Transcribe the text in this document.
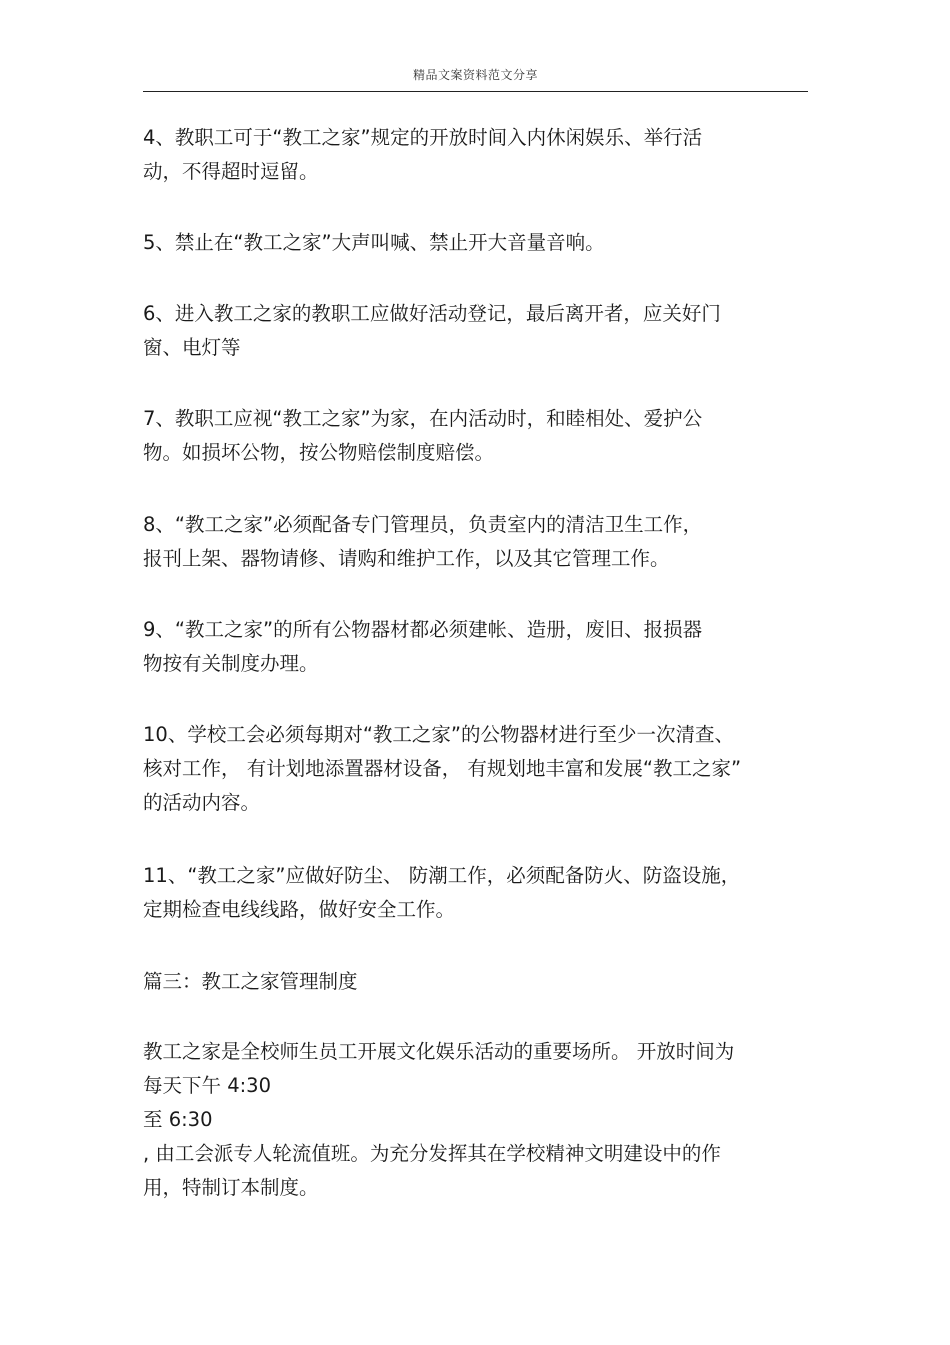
精品文案资料范文分享
4、教职工可于“教工之家”规定的开放时间入内休闲娱乐、举行活
动，不得超时逗留。
5、禁止在“教工之家”大声叫喊、禁止开大音量音响。
6、进入教工之家的教职工应做好活动登记，最后离开者，应关好门
窗、电灯等
7、教职工应视“教工之家”为家，在内活动时，和睦相处、爱护公
物。如损坏公物，按公物赔偿制度赔偿。
8、“教工之家”必须配备专门管理员，负责室内的清洁卫生工作，
报刊上架、器物请修、请购和维护工作，以及其它管理工作。
9、“教工之家”的所有公物器材都必须建帐、造册，废旧、报损器
物按有关制度办理。
10、学校工会必须每期对“教工之家”的公物器材进行至少一次清查、
核对工作， 有计划地添置器材设备， 有规划地丰富和发展“教工之家”
的活动内容。
11、“教工之家”应做好防尘、 防潮工作，必须配备防火、防盗设施，
定期检查电线线路，做好安全工作。
篇三：教工之家管理制度
教工之家是全校师生员工开展文化娱乐活动的重要场所。 开放时间为
每天下午 4:30
至 6:30
, 由工会派专人轮流值班。为充分发挥其在学校精神文明建设中的作
用，特制订本制度。
